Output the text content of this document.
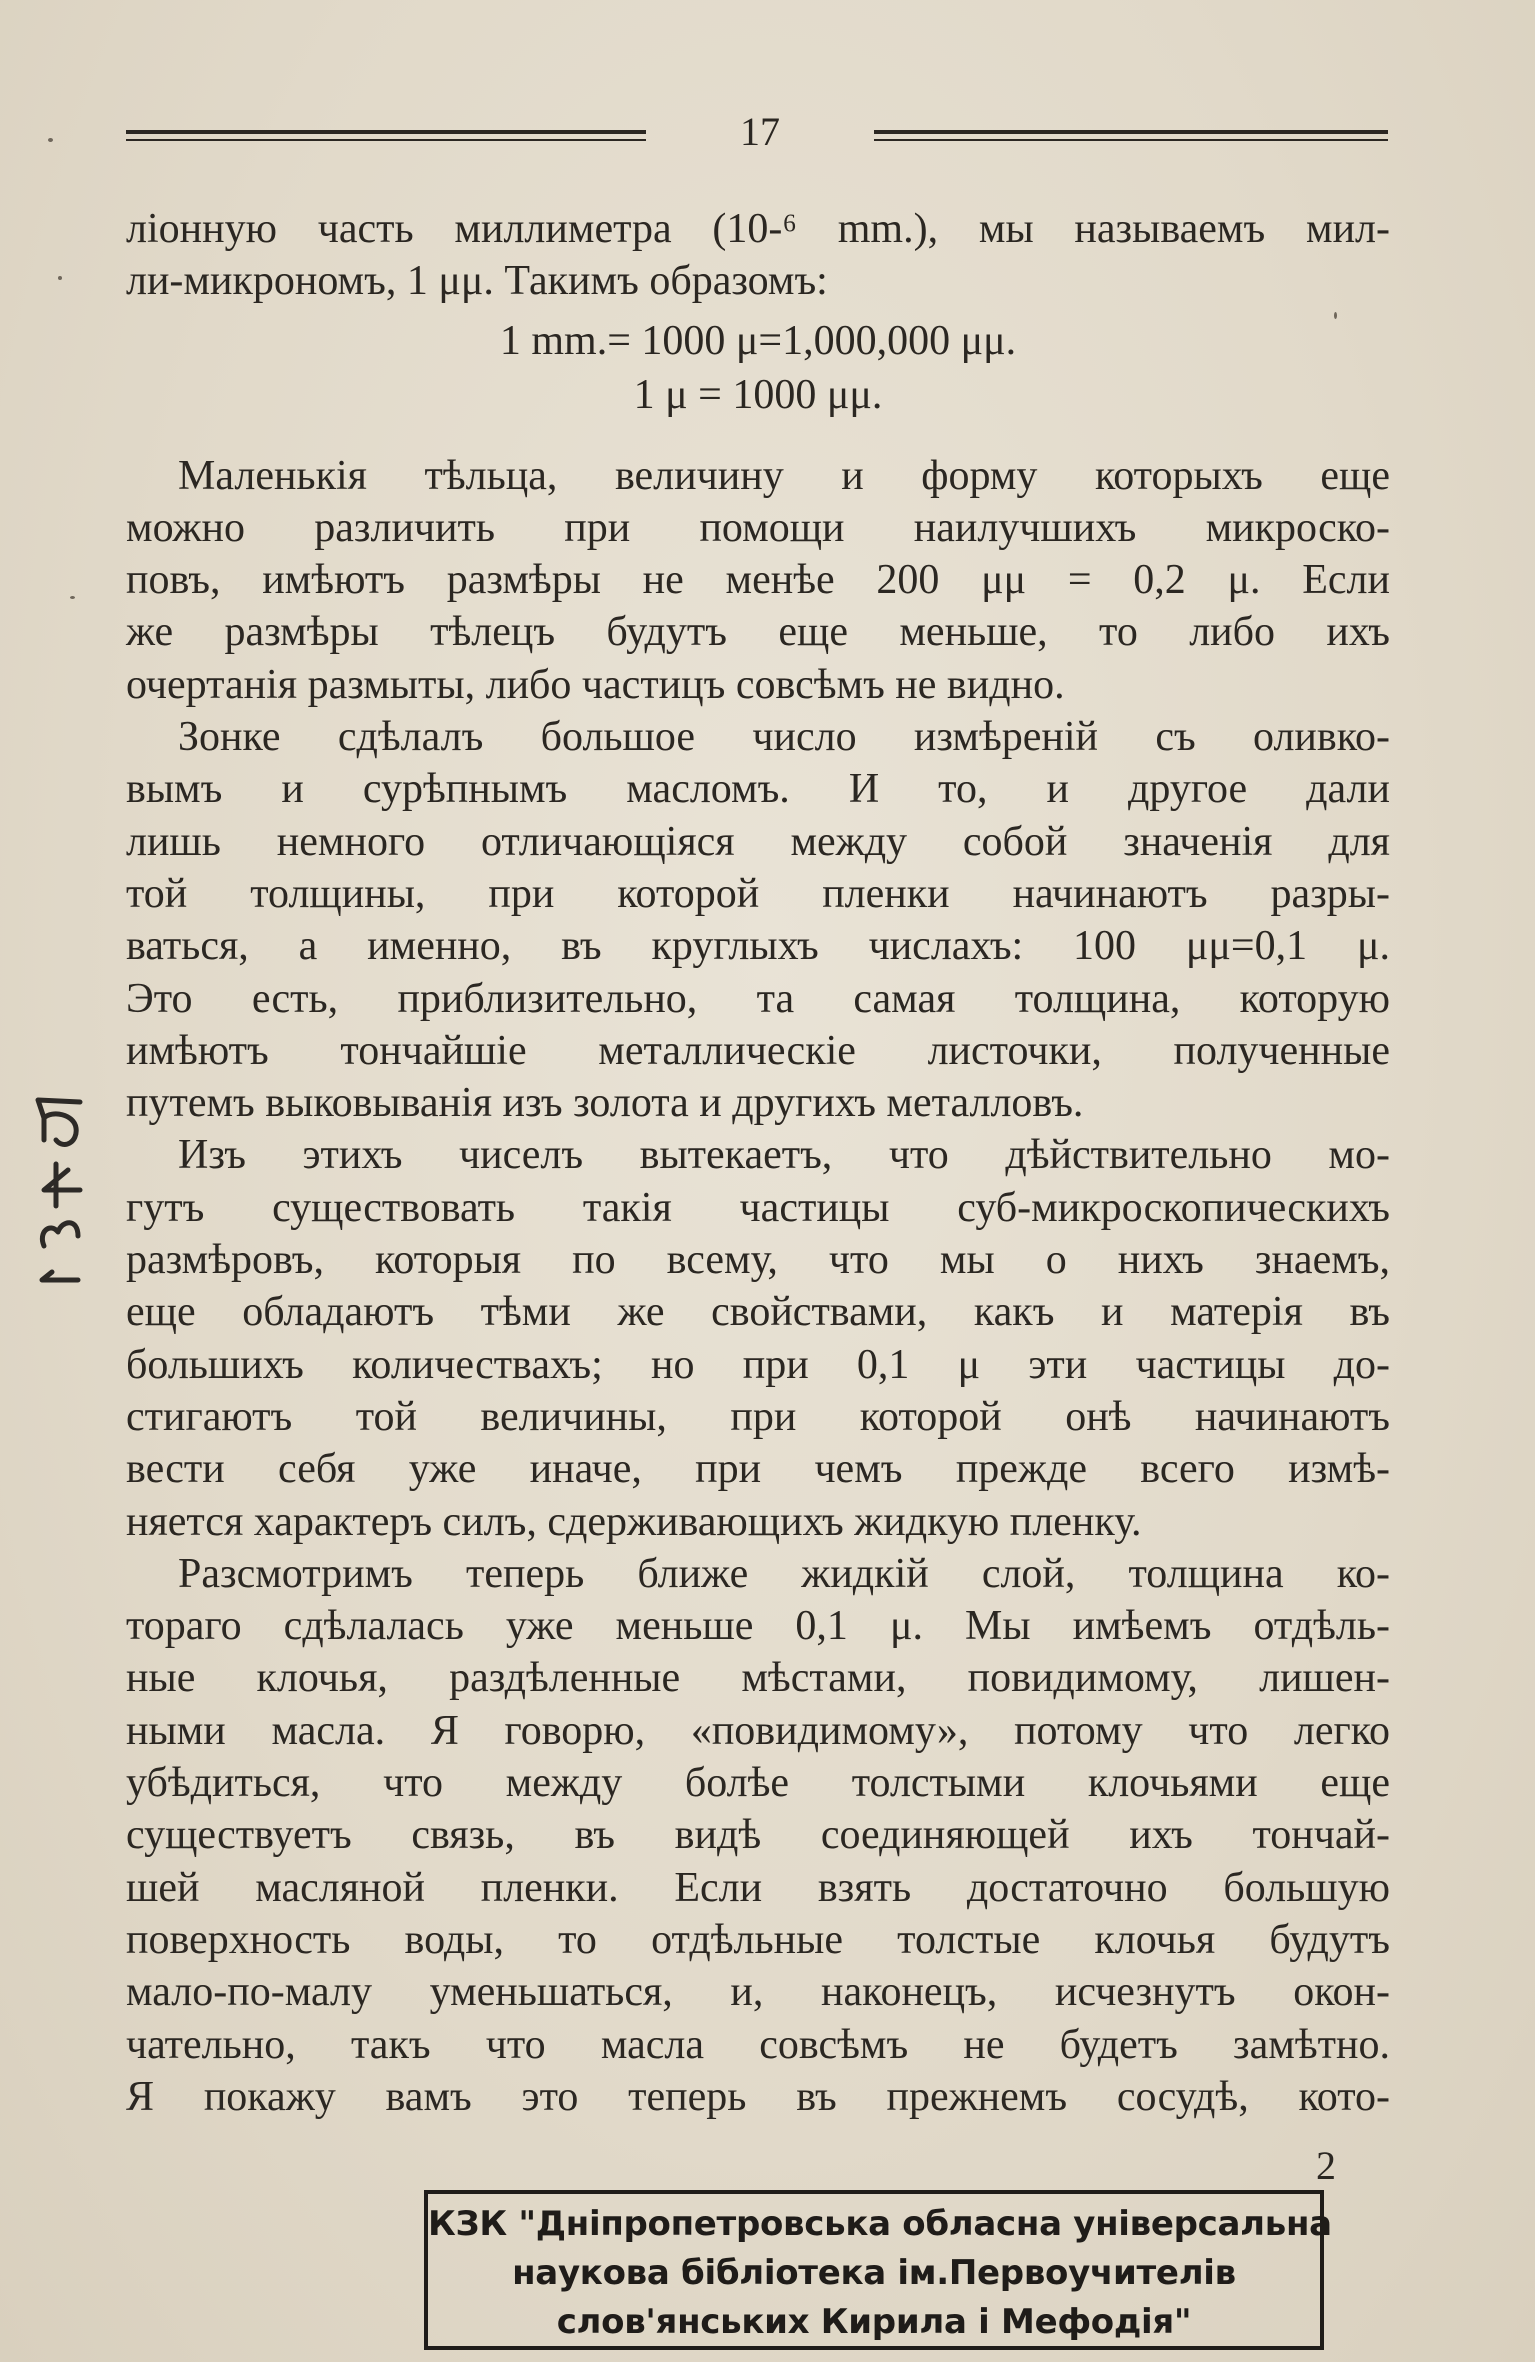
17
ліонную часть миллиметра (10-⁶ mm.), мы называемъ мил-
ли-микрономъ, 1 μμ. Такимъ образомъ:
1 mm.= 1000 μ=1,000,000 μμ.
1 μ = 1000 μμ.
Маленькія тѣльца, величину и форму которыхъ еще
можно различить при помощи наилучшихъ микроско-
повъ, имѣютъ размѣры не менѣе 200 μμ = 0,2 μ. Если
же размѣры тѣлецъ будутъ еще меньше, то либо ихъ
очертанія размыты, либо частицъ совсѣмъ не видно.
Зонке сдѣлалъ большое число измѣреній съ оливко-
вымъ и сурѣпнымъ масломъ. И то, и другое дали
лишь немного отличающіяся между собой значенія для
той толщины, при которой пленки начинаютъ разры-
ваться, а именно, въ круглыхъ числахъ: 100 μμ=0,1 μ.
Это есть, приблизительно, та самая толщина, которую
имѣютъ тончайшіе металлическіе листочки, полученные
путемъ выковыванія изъ золота и другихъ металловъ.
Изъ этихъ чиселъ вытекаетъ, что дѣйствительно мо-
гутъ существовать такія частицы суб-микроскопическихъ
размѣровъ, которыя по всему, что мы о нихъ знаемъ,
еще обладаютъ тѣми же свойствами, какъ и матерія въ
большихъ количествахъ; но при 0,1 μ эти частицы до-
стигаютъ той величины, при которой онѣ начинаютъ
вести себя уже иначе, при чемъ прежде всего измѣ-
няется характеръ силъ, сдерживающихъ жидкую пленку.
Разсмотримъ теперь ближе жидкій слой, толщина ко-
тораго сдѣлалась уже меньше 0,1 μ. Мы имѣемъ отдѣль-
ные клочья, раздѣленные мѣстами, повидимому, лишен-
ными масла. Я говорю, «повидимому», потому что легко
убѣдиться, что между болѣе толстыми клочьями еще
существуетъ связь, въ видѣ соединяющей ихъ тончай-
шей масляной пленки. Если взять достаточно большую
поверхность воды, то отдѣльные толстые клочья будутъ
мало-по-малу уменьшаться, и, наконецъ, исчезнутъ окон-
чательно, такъ что масла совсѣмъ не будетъ замѣтно.
Я покажу вамъ это теперь въ прежнемъ сосудѣ, кото-
2
КЗК "Дніпропетровська обласна універсальна
наукова бібліотека ім.Первоучителів
слов'янських Кирила і Мефодія"
